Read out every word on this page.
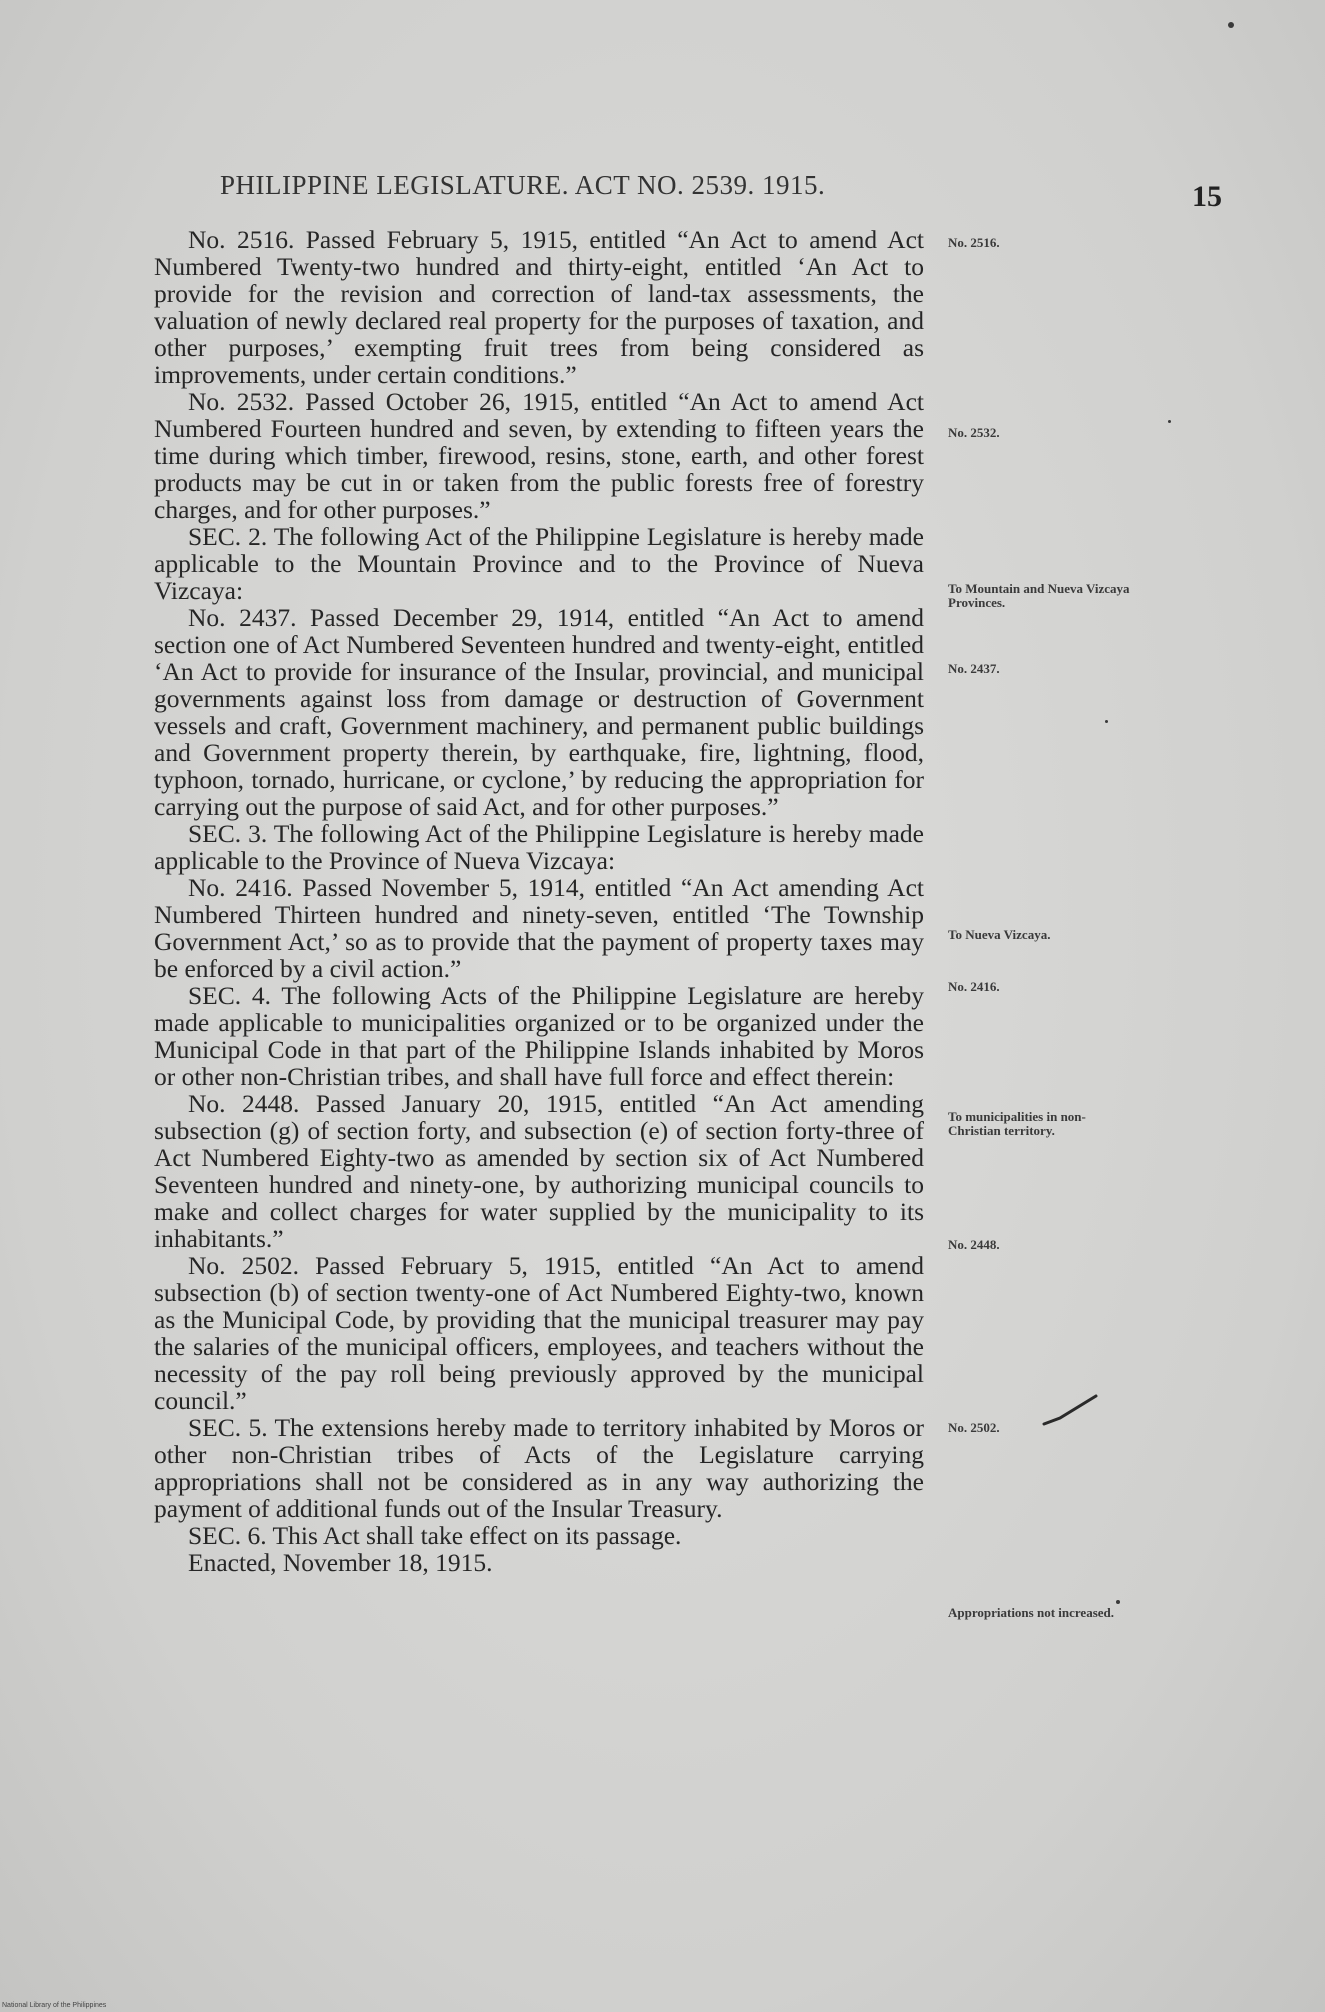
PHILIPPINE LEGISLATURE. ACT NO. 2539. 1915.	15

No. 2516. Passed February 5, 1915, entitled “An Act to amend Act Numbered Twenty-two hundred and thirty-eight, entitled ‘An Act to provide for the revision and correction of land-tax assessments, the valuation of newly declared real property for the purposes of taxation, and other purposes,’ exempting fruit trees from being considered as improvements, under certain conditions.”

No. 2532. Passed October 26, 1915, entitled “An Act to amend Act Numbered Fourteen hundred and seven, by extending to fifteen years the time during which timber, firewood, resins, stone, earth, and other forest products may be cut in or taken from the public forests free of forestry charges, and for other purposes.”

SEC. 2. The following Act of the Philippine Legislature is hereby made applicable to the Mountain Province and to the Province of Nueva Vizcaya:

No. 2437. Passed December 29, 1914, entitled “An Act to amend section one of Act Numbered Seventeen hundred and twenty-eight, entitled ‘An Act to provide for insurance of the Insular, provincial, and municipal governments against loss from damage or destruction of Government vessels and craft, Government machinery, and permanent public buildings and Government property therein, by earthquake, fire, lightning, flood, typhoon, tornado, hurricane, or cyclone,’ by reducing the appropriation for carrying out the purpose of said Act, and for other purposes.”

SEC. 3. The following Act of the Philippine Legislature is hereby made applicable to the Province of Nueva Vizcaya:

No. 2416. Passed November 5, 1914, entitled “An Act amending Act Numbered Thirteen hundred and ninety-seven, entitled ‘The Township Government Act,’ so as to provide that the payment of property taxes may be enforced by a civil action.”

SEC. 4. The following Acts of the Philippine Legislature are hereby made applicable to municipalities organized or to be organized under the Municipal Code in that part of the Philippine Islands inhabited by Moros or other non-Christian tribes, and shall have full force and effect therein:

No. 2448. Passed January 20, 1915, entitled “An Act amending subsection (g) of section forty, and subsection (e) of section forty-three of Act Numbered Eighty-two as amended by section six of Act Numbered Seventeen hundred and ninety-one, by authorizing municipal councils to make and collect charges for water supplied by the municipality to its inhabitants.”

No. 2502. Passed February 5, 1915, entitled “An Act to amend subsection (b) of section twenty-one of Act Numbered Eighty-two, known as the Municipal Code, by providing that the municipal treasurer may pay the salaries of the municipal officers, employees, and teachers without the necessity of the pay roll being previously approved by the municipal council.”

SEC. 5. The extensions hereby made to territory inhabited by Moros or other non-Christian tribes of Acts of the Legislature carrying appropriations shall not be considered as in any way authorizing the payment of additional funds out of the Insular Treasury.

SEC. 6. This Act shall take effect on its passage.

Enacted, November 18, 1915.

No. 2516.
No. 2532.
To Mountain and Nueva Vizcaya Provinces.
No. 2437.
To Nueva Vizcaya.
No. 2416.
To municipalities in non-Christian territory.
No. 2448.
No. 2502.
Appropriations not increased.
National Library of the Philippines
